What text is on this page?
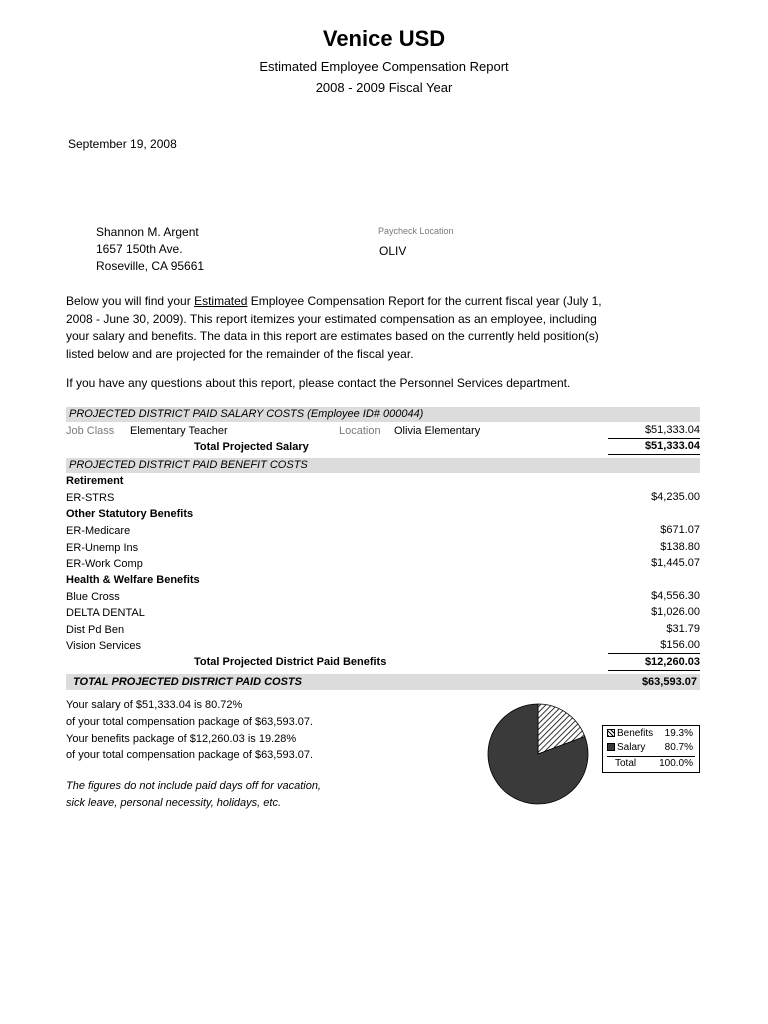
Venice USD
Estimated Employee Compensation Report
2008 - 2009 Fiscal Year
September 19, 2008
Shannon M. Argent
1657 150th Ave.
Roseville, CA 95661
Paycheck Location
OLIV
Below you will find your Estimated Employee Compensation Report for the current fiscal year (July 1,
2008 - June 30, 2009). This report itemizes your estimated compensation as an employee, including
your salary and benefits. The data in this report are estimates based on the currently held position(s)
listed below and are projected for the remainder of the fiscal year.
If you have any questions about this report, please contact the Personnel Services department.
PROJECTED DISTRICT PAID SALARY COSTS (Employee ID# 000044)
Job Class Elementary Teacher	Location Olivia Elementary	$51,333.04
Total Projected Salary	$51,333.04
PROJECTED DISTRICT PAID BENEFIT COSTS
Retirement
ER-STRS	$4,235.00
Other Statutory Benefits
ER-Medicare	$671.07
ER-Unemp Ins	$138.80
ER-Work Comp	$1,445.07
Health & Welfare Benefits
Blue Cross	$4,556.30
DELTA DENTAL	$1,026.00
Dist Pd Ben	$31.79
Vision Services	$156.00
Total Projected District Paid Benefits	$12,260.03
TOTAL PROJECTED DISTRICT PAID COSTS	$63,593.07
Your salary of $51,333.04 is 80.72%
of your total compensation package of $63,593.07.
Your benefits package of $12,260.03 is 19.28%
of your total compensation package of $63,593.07.
The figures do not include paid days off for vacation,
sick leave, personal necessity, holidays, etc.
Benefits 19.3%
Salary 80.7%
Total 100.0%
